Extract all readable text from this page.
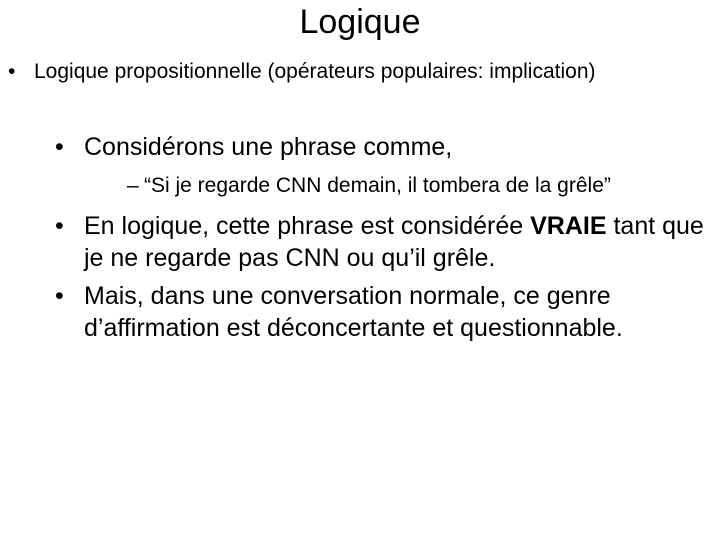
Logique
• Logique propositionnelle (opérateurs populaires: implication)
• Considérons une phrase comme,
– “Si je regarde CNN demain, il tombera de la grêle”
• En logique, cette phrase est considérée VRAIE tant que je ne regarde pas CNN ou qu’il grêle.
• Mais, dans une conversation normale, ce genre d’affirmation est déconcertante et questionnable.
